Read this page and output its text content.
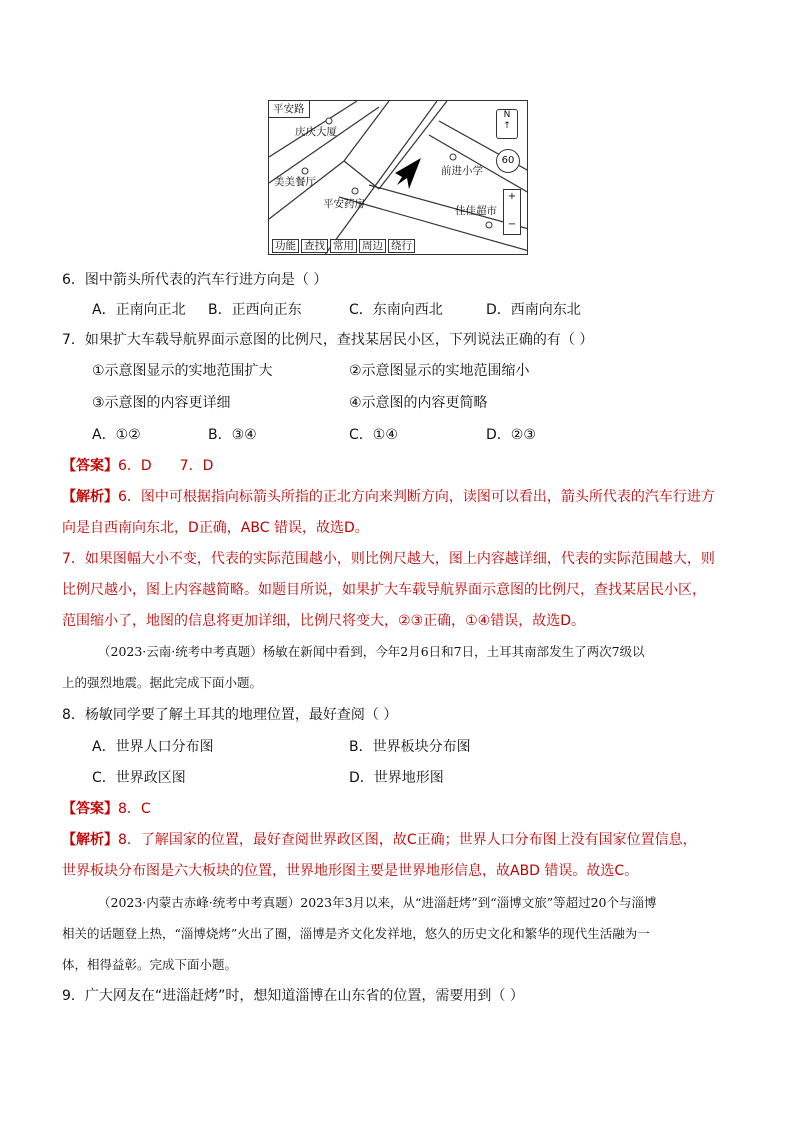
平安路
庆庆大厦
美美餐厅
平安药房
前进小学
佳佳超市
N
↑
60
+
−
功能 查找 常用 周边 绕行
6．图中箭头所代表的汽车行进方向是（ ）
A．正南向正北 B．正西向正东	C．东南向西北	D．西南向东北
7．如果扩大车载导航界面示意图的比例尺，查找某居民小区，下列说法正确的有（ ）
①示意图显示的实地范围扩大	②示意图显示的实地范围缩小
③示意图的内容更详细	④示意图的内容更简略
A．①②	B．③④	C．①④	D．②③
【答案】6．D　　7．D
【解析】6．图中可根据指向标箭头所指的正北方向来判断方向，读图可以看出，箭头所代表的汽车行进方
向是自西南向东北，D正确，ABC 错误，故选D。
7．如果图幅大小不变，代表的实际范围越小，则比例尺越大，图上内容越详细，代表的实际范围越大，则
比例尺越小，图上内容越简略。如题目所说，如果扩大车载导航界面示意图的比例尺，查找某居民小区，
范围缩小了，地图的信息将更加详细，比例尺将变大，②③正确，①④错误，故选D。
（2023·云南·统考中考真题）杨敏在新闻中看到，今年2月6日和7日，土耳其南部发生了两次7级以
上的强烈地震。据此完成下面小题。
8．杨敏同学要了解土耳其的地理位置，最好查阅（ ）
A．世界人口分布图	B．世界板块分布图
C．世界政区图	D．世界地形图
【答案】8．C
【解析】8．了解国家的位置，最好查阅世界政区图，故C正确；世界人口分布图上没有国家位置信息，
世界板块分布图是六大板块的位置，世界地形图主要是世界地形信息，故ABD 错误。故选C。
（2023·内蒙古赤峰·统考中考真题）2023年3月以来，从“进淄赶烤”到“淄博文旅”等超过20个与淄博
相关的话题登上热，“淄博烧烤”火出了圈，淄博是齐文化发祥地，悠久的历史文化和繁华的现代生活融为一
体，相得益彰。完成下面小题。
9．广大网友在“进淄赶烤”时，想知道淄博在山东省的位置，需要用到（ ）
